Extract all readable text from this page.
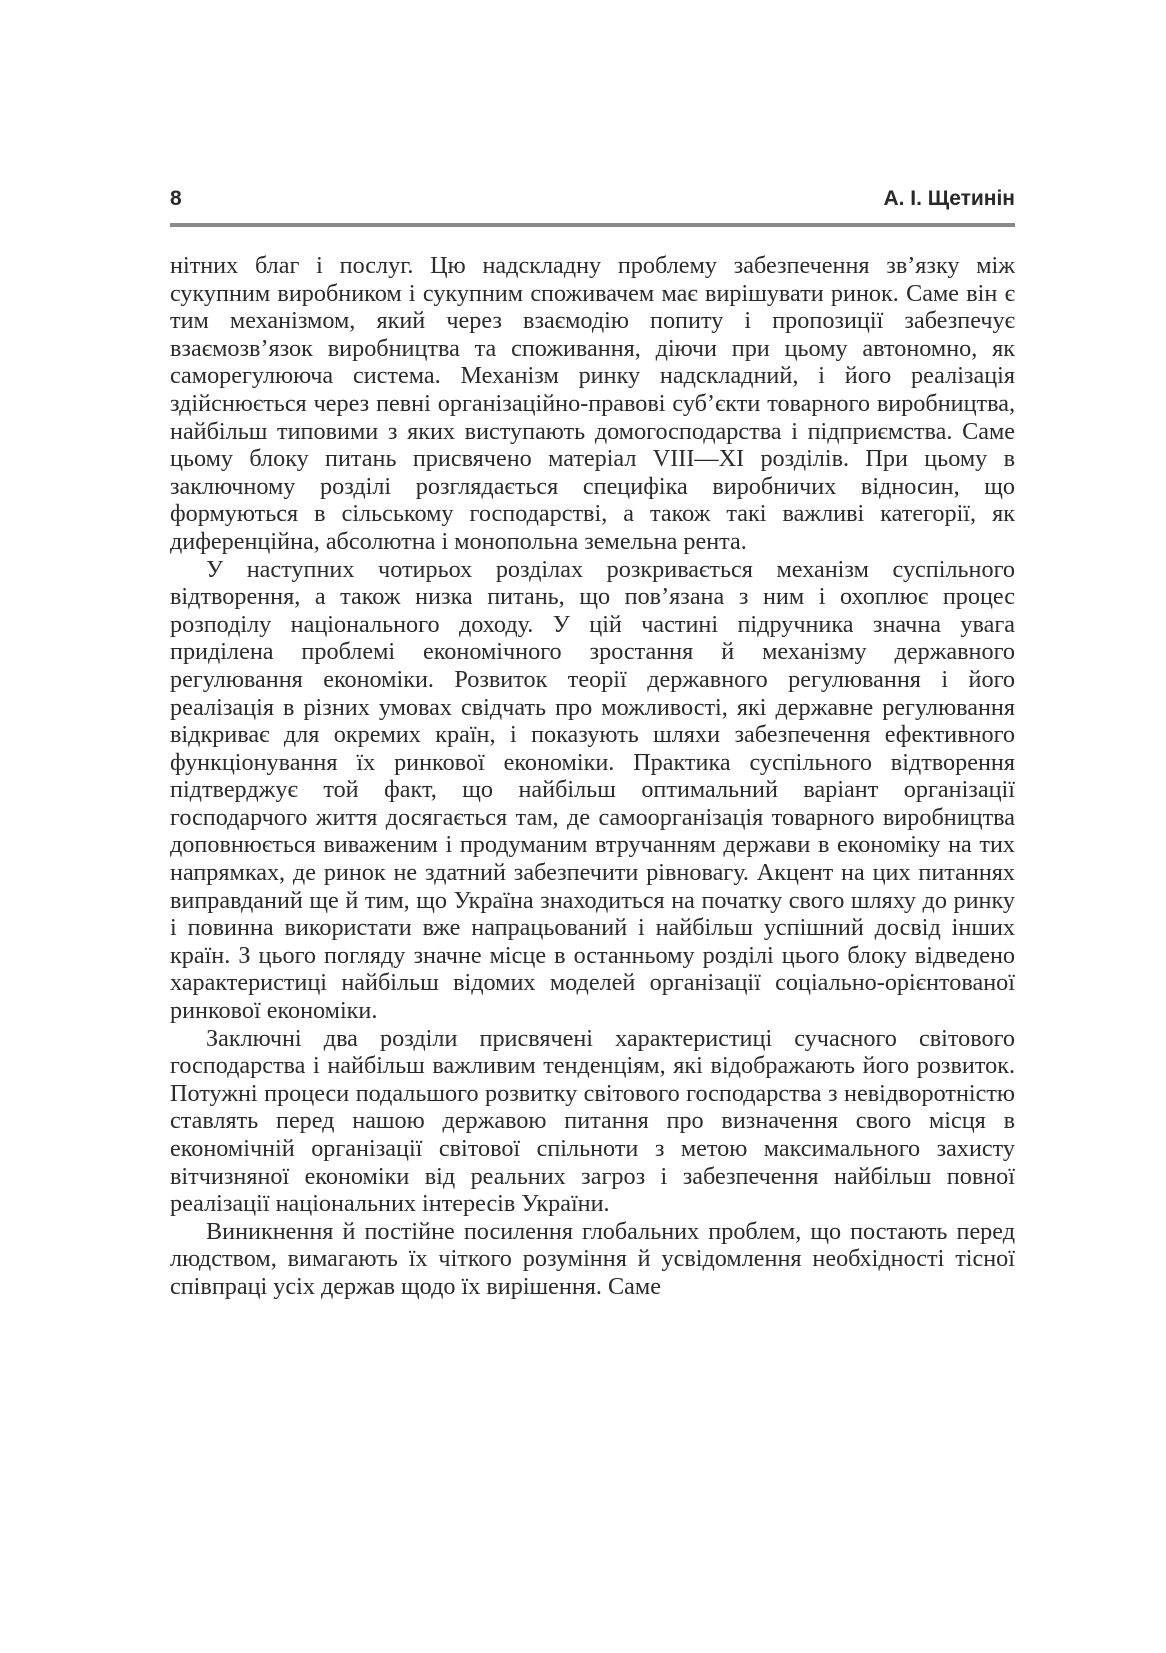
8	А. І. Щетинін

нітних благ і послуг. Цю надскладну проблему забезпечення зв’язку між сукупним виробником і сукупним споживачем має вирішувати ринок. Саме він є тим механізмом, який через взаємодію попиту і пропозиції забезпечує взаємозв’язок виробництва та споживання, діючи при цьому автономно, як саморегулююча система. Механізм ринку надскладний, і його реалізація здійснюється через певні організаційно-правові суб’єкти товарного виробництва, найбільш типовими з яких виступають домогосподарства і підприємства. Саме цьому блоку питань присвячено матеріал VIII—XI розділів. При цьому в заключному розділі розглядається специфіка виробничих відносин, що формуються в сільському господарстві, а також такі важливі категорії, як диференційна, абсолютна і монопольна земельна рента.

У наступних чотирьох розділах розкривається механізм суспільного відтворення, а також низка питань, що пов’язана з ним і охоплює процес розподілу національного доходу. У цій частині підручника значна увага приділена проблемі економічного зростання й механізму державного регулювання економіки. Розвиток теорії державного регулювання і його реалізація в різних умовах свідчать про можливості, які державне регулювання відкриває для окремих країн, і показують шляхи забезпечення ефективного функціонування їх ринкової економіки. Практика суспільного відтворення підтверджує той факт, що найбільш оптимальний варіант організації господарчого життя досягається там, де самоорганізація товарного виробництва доповнюється виваженим і продуманим втручанням держави в економіку на тих напрямках, де ринок не здатний забезпечити рівновагу. Акцент на цих питаннях виправданий ще й тим, що Україна знаходиться на початку свого шляху до ринку і повинна використати вже напрацьований і найбільш успішний досвід інших країн. З цього погляду значне місце в останньому розділі цього блоку відведено характеристиці найбільш відомих моделей організації соціально-орієнтованої ринкової економіки.

Заключні два розділи присвячені характеристиці сучасного світового господарства і найбільш важливим тенденціям, які відображають його розвиток. Потужні процеси подальшого розвитку світового господарства з невідворотністю ставлять перед нашою державою питання про визначення свого місця в економічній організації світової спільноти з метою максимального захисту вітчизняної економіки від реальних загроз і забезпечення найбільш повної реалізації національних інтересів України.

Виникнення й постійне посилення глобальних проблем, що постають перед людством, вимагають їх чіткого розуміння й усвідомлення необхідності тісної співпраці усіх держав щодо їх вирішення. Саме
